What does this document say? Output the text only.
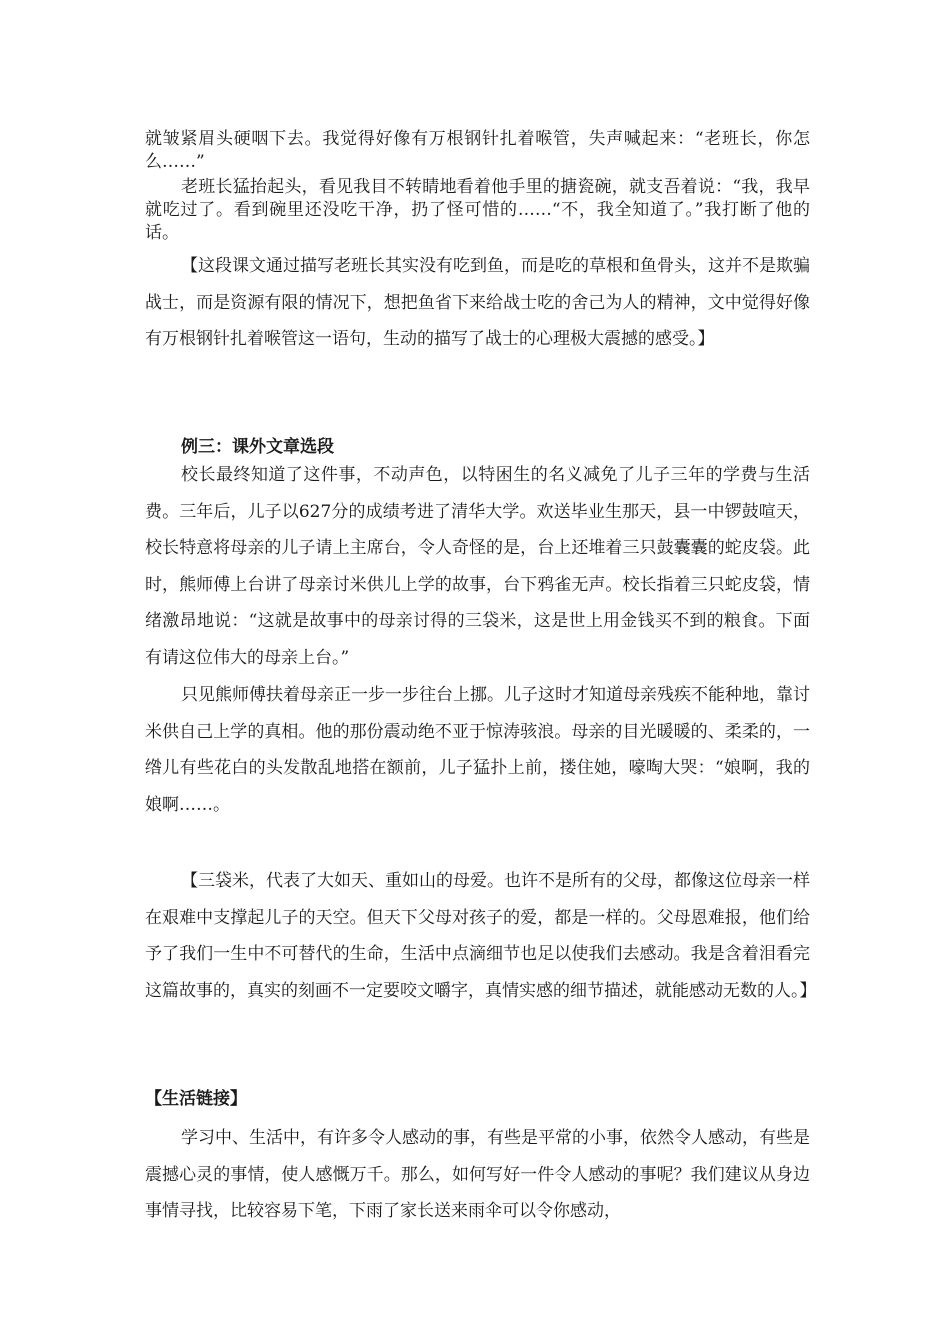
就皱紧眉头硬咽下去。我觉得好像有万根钢针扎着喉管，失声喊起来：“老班长，你怎么……”

老班长猛抬起头，看见我目不转睛地看着他手里的搪瓷碗，就支吾着说：“我，我早就吃过了。看到碗里还没吃干净，扔了怪可惜的……“不，我全知道了。”我打断了他的话。

【这段课文通过描写老班长其实没有吃到鱼，而是吃的草根和鱼骨头，这并不是欺骗战士，而是资源有限的情况下，想把鱼省下来给战士吃的舍己为人的精神，文中觉得好像有万根钢针扎着喉管这一语句，生动的描写了战士的心理极大震撼的感受。】

例三：课外文章选段

校长最终知道了这件事，不动声色，以特困生的名义减免了儿子三年的学费与生活费。三年后，儿子以627分的成绩考进了清华大学。欢送毕业生那天，县一中锣鼓喧天，校长特意将母亲的儿子请上主席台，令人奇怪的是，台上还堆着三只鼓囊囊的蛇皮袋。此时，熊师傅上台讲了母亲讨米供儿上学的故事，台下鸦雀无声。校长指着三只蛇皮袋，情绪激昂地说：“这就是故事中的母亲讨得的三袋米，这是世上用金钱买不到的粮食。下面有请这位伟大的母亲上台。”

只见熊师傅扶着母亲正一步一步往台上挪。儿子这时才知道母亲残疾不能种地，靠讨米供自己上学的真相。他的那份震动绝不亚于惊涛骇浪。母亲的目光暖暖的、柔柔的，一绺儿有些花白的头发散乱地搭在额前，儿子猛扑上前，搂住她，嚎啕大哭：“娘啊，我的娘啊……。

【三袋米，代表了大如天、重如山的母爱。也许不是所有的父母，都像这位母亲一样在艰难中支撑起儿子的天空。但天下父母对孩子的爱，都是一样的。父母恩难报，他们给予了我们一生中不可替代的生命，生活中点滴细节也足以使我们去感动。我是含着泪看完这篇故事的，真实的刻画不一定要咬文嚼字，真情实感的细节描述，就能感动无数的人。】

【生活链接】

学习中、生活中，有许多令人感动的事，有些是平常的小事，依然令人感动，有些是震撼心灵的事情，使人感慨万千。那么，如何写好一件令人感动的事呢？我们建议从身边事情寻找，比较容易下笔，下雨了家长送来雨伞可以令你感动，
